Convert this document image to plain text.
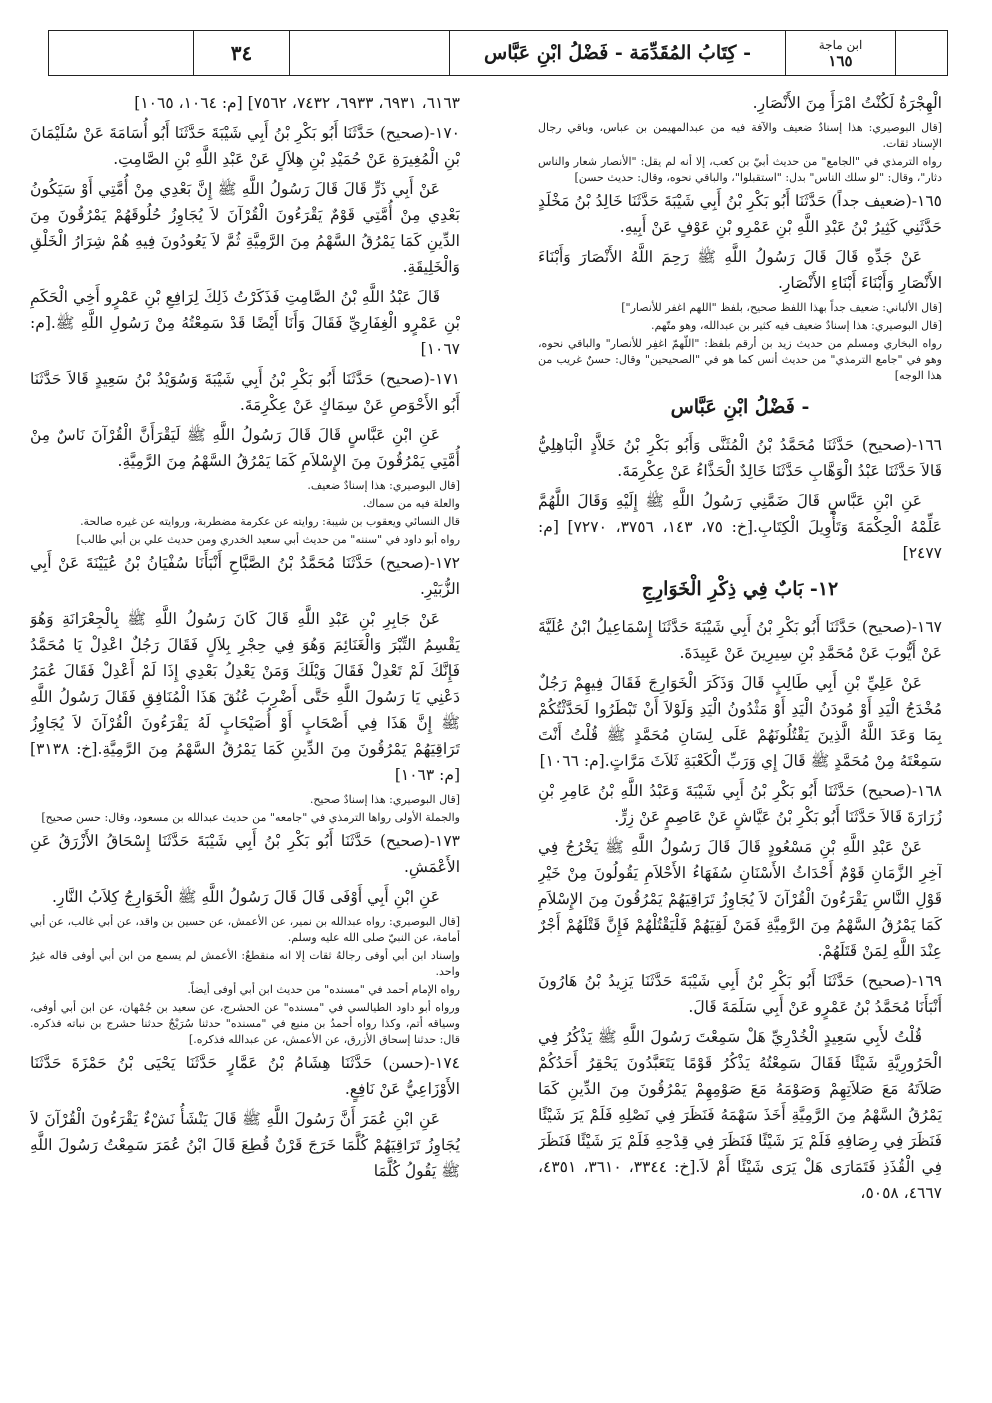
ابن ماجة
١٦٥
- كِتَابُ المُقَدِّمَة - فَضْلُ ابْنِ عَبَّاس
٣٤

الْهِجْرَةُ لَكُنْتُ امْرَأً مِنَ الأَنْصَارِ.

[قال البوصيري: هذا إسنادٌ ضعيف والآفة فيه من عبدالمهيمن بن عباس، وباقي رجال الإسناد ثقات.

رواه الترمذي في "الجامع" من حديث أبيّ بن كعب، إلا أنه لم يقل: "الأنصار شعار والناس دثار"، وقال: "لو سلك الناس" بدل: "استقبلوا"، والباقي نحوه، وقال: حديث حسن]

١٦٥-(ضعيف جداً) حَدَّثَنَا أَبُو بَكْرِ بْنُ أَبِي شَيْبَةَ حَدَّثَنَا خَالِدُ بْنُ مَخْلَدٍ حَدَّثَنِي كَثِيرُ بْنُ عَبْدِ اللَّهِ بْنِ عَمْرِو بْنِ عَوْفٍ عَنْ أَبِيهِ.

عَنْ جَدِّهِ قَالَ قَالَ رَسُولُ اللَّهِ ﷺ رَحِمَ اللَّهُ الأَنْصَارَ وَأَبْنَاءَ الأَنْصَارِ وَأَبْنَاءَ أَبْنَاءِ الأَنْصَارِ.

[قال الألباني: ضعيف جداً بهذا اللفظ صحيح، بلفظ "اللهم اغفر للأنصار"]

[قال البوصيري: هذا إسنادٌ ضعيف فيه كثير بن عبدالله، وهو متّهم.

رواه البخاري ومسلم من حديث زيد بن أرقم بلفظ: "اللّهمّ اغفِر للأنصار" والباقي نحوه، وهو في "جامع الترمذي" من حديث أنس كما هو في "الصحيحين" وقال: حسنٌ غريب من هذا الوجه]

- فَضْلُ ابْنِ عَبَّاس

١٦٦-(صحيح) حَدَّثَنَا مُحَمَّدُ بْنُ الْمُثَنَّى وَأَبُو بَكْرِ بْنُ خَلاَّدٍ الْبَاهِلِيُّ قَالاَ حَدَّثَنَا عَبْدُ الْوَهَّابِ حَدَّثَنَا خَالِدٌ الْحَذَّاءُ عَنْ عِكْرِمَةَ.

عَنِ ابْنِ عَبَّاسٍ قَالَ ضَمَّنِي رَسُولُ اللَّهِ ﷺ إِلَيْهِ وَقَالَ اللَّهُمَّ عَلِّمْهُ الْحِكْمَةَ وَتَأْوِيلَ الْكِتَابِ.[خ: ٧٥، ١٤٣، ٣٧٥٦، ٧٢٧٠] [م: ٢٤٧٧]

١٢- بَابٌ فِي ذِكْرِ الْخَوَارِجِ

١٦٧-(صحيح) حَدَّثَنَا أَبُو بَكْرِ بْنُ أَبِي شَيْبَةَ حَدَّثَنَا إِسْمَاعِيلُ ابْنُ عُلَيَّةَ عَنْ أَيُّوبَ عَنْ مُحَمَّدِ بْنِ سِيرِينَ عَنْ عَبِيدَةَ.

عَنْ عَلِيِّ بْنِ أَبِي طَالِبٍ قَالَ وَذَكَرَ الْخَوَارِجَ فَقَالَ فِيهِمْ رَجُلٌ مُخْدَجُ الْيَدِ أَوْ مُودَنُ الْيَدِ أَوْ مَثْدُونُ الْيَدِ وَلَوْلاَ أَنْ تَبْطَرُوا لَحَدَّثْتُكُمْ بِمَا وَعَدَ اللَّهُ الَّذِينَ يَقْتُلُونَهُمْ عَلَى لِسَانِ مُحَمَّدٍ ﷺ قُلْتُ أَنْتَ سَمِعْتَهُ مِنْ مُحَمَّدٍ ﷺ قَالَ إِي وَرَبِّ الْكَعْبَةِ ثَلاَثَ مَرَّاتٍ.[م: ١٠٦٦]

١٦٨-(صحيح) حَدَّثَنَا أَبُو بَكْرِ بْنُ أَبِي شَيْبَةَ وَعَبْدُ اللَّهِ بْنُ عَامِرِ بْنِ زُرَارَةَ قَالاَ حَدَّثَنَا أَبُو بَكْرِ بْنُ عَيَّاشٍ عَنْ عَاصِمٍ عَنْ زِرٍّ.

عَنْ عَبْدِ اللَّهِ بْنِ مَسْعُودٍ قَالَ قَالَ رَسُولُ اللَّهِ ﷺ يَخْرُجُ فِي آخِرِ الزَّمَانِ قَوْمٌ أَحْدَاثُ الأَسْنَانِ سُفَهَاءُ الأَحْلاَمِ يَقُولُونَ مِنْ خَيْرِ قَوْلِ النَّاسِ يَقْرَءُونَ الْقُرْآنَ لاَ يُجَاوِزُ تَرَاقِيَهُمْ يَمْرُقُونَ مِنَ الإِسْلاَمِ كَمَا يَمْرُقُ السَّهْمُ مِنَ الرَّمِيَّةِ فَمَنْ لَقِيَهُمْ فَلْيَقْتُلْهُمْ فَإِنَّ قَتْلَهُمْ أَجْرٌ عِنْدَ اللَّهِ لِمَنْ قَتَلَهُمْ.

١٦٩-(صحيح) حَدَّثَنَا أَبُو بَكْرِ بْنُ أَبِي شَيْبَةَ حَدَّثَنَا يَزِيدُ بْنُ هَارُونَ أَنْبَأَنَا مُحَمَّدُ بْنُ عَمْرٍو عَنْ أَبِي سَلَمَةَ قَالَ.

قُلْتُ لأَبِي سَعِيدٍ الْخُدْرِيِّ هَلْ سَمِعْتَ رَسُولَ اللَّهِ ﷺ يَذْكُرُ فِي الْحَرُورِيَّةِ شَيْئًا فَقَالَ سَمِعْتُهُ يَذْكُرُ قَوْمًا يَتَعَبَّدُونَ يَحْقِرُ أَحَدُكُمْ صَلاَتَهُ مَعَ صَلاَتِهِمْ وَصَوْمَهُ مَعَ صَوْمِهِمْ يَمْرُقُونَ مِنَ الدِّينِ كَمَا يَمْرُقُ السَّهْمُ مِنَ الرَّمِيَّةِ أَخَذَ سَهْمَهُ فَنَظَرَ فِي نَصْلِهِ فَلَمْ يَرَ شَيْئًا فَنَظَرَ فِي رِصَافِهِ فَلَمْ يَرَ شَيْئًا فَنَظَرَ فِي قِدْحِهِ فَلَمْ يَرَ شَيْئًا فَنَظَرَ فِي الْقُذَذِ فَتَمَارَى هَلْ يَرَى شَيْئًا أَمْ لاَ.[خ: ٣٣٤٤، ٣٦١٠، ٤٣٥١، ٤٦٦٧، ٥٠٥٨،

٦١٦٣، ٦٩٣١، ٦٩٣٣، ٧٤٣٢، ٧٥٦٢] [م: ١٠٦٤، ١٠٦٥]

١٧٠-(صحيح) حَدَّثَنَا أَبُو بَكْرِ بْنُ أَبِي شَيْبَةَ حَدَّثَنَا أَبُو أُسَامَةَ عَنْ سُلَيْمَانَ بْنِ الْمُغِيرَةِ عَنْ حُمَيْدِ بْنِ هِلاَلٍ عَنْ عَبْدِ اللَّهِ بْنِ الصَّامِتِ.

عَنْ أَبِي ذَرٍّ قَالَ قَالَ رَسُولُ اللَّهِ ﷺ إِنَّ بَعْدِي مِنْ أُمَّتِي أَوْ سَيَكُونُ بَعْدِي مِنْ أُمَّتِي قَوْمٌ يَقْرَءُونَ الْقُرْآنَ لاَ يُجَاوِزُ حُلُوقَهُمْ يَمْرُقُونَ مِنَ الدِّينِ كَمَا يَمْرُقُ السَّهْمُ مِنَ الرَّمِيَّةِ ثُمَّ لاَ يَعُودُونَ فِيهِ هُمْ شِرَارُ الْخَلْقِ وَالْخَلِيقَةِ.

قَالَ عَبْدُ اللَّهِ بْنُ الصَّامِتِ فَذَكَرْتُ ذَلِكَ لِرَافِعِ بْنِ عَمْرٍو أَخِي الْحَكَمِ بْنِ عَمْرٍو الْغِفَارِيِّ فَقَالَ وَأَنَا أَيْضًا قَدْ سَمِعْتُهُ مِنْ رَسُولِ اللَّهِ ﷺ.[م: ١٠٦٧]

١٧١-(صحيح) حَدَّثَنَا أَبُو بَكْرِ بْنُ أَبِي شَيْبَةَ وَسُوَيْدُ بْنُ سَعِيدٍ قَالاَ حَدَّثَنَا أَبُو الأَحْوَصِ عَنْ سِمَاكٍ عَنْ عِكْرِمَةَ.

عَنِ ابْنِ عَبَّاسٍ قَالَ قَالَ رَسُولُ اللَّهِ ﷺ لَيَقْرَأَنَّ الْقُرْآنَ نَاسٌ مِنْ أُمَّتِي يَمْرُقُونَ مِنَ الإِسْلاَمِ كَمَا يَمْرُقُ السَّهْمُ مِنَ الرَّمِيَّةِ.

[قال البوصيري: هذا إسنادٌ ضعيف.

والعلة فيه من سماك.

قال النسائي ويعقوب بن شيبة: روايته عن عكرمة مضطربة، وروايته عن غيره صالحة.

رواه أبو داود في "سننه" من حديث أبي سعيد الخدري ومن حديث علي بن أبي طالب]

١٧٢-(صحيح) حَدَّثَنَا مُحَمَّدُ بْنُ الصَّبَّاحِ أَنْبَأَنَا سُفْيَانُ بْنُ عُيَيْنَةَ عَنْ أَبِي الزُّبَيْرِ.

عَنْ جَابِرِ بْنِ عَبْدِ اللَّهِ قَالَ كَانَ رَسُولُ اللَّهِ ﷺ بِالْجِعْرَانَةِ وَهُوَ يَقْسِمُ التِّبْرَ وَالْغَنَائِمَ وَهُوَ فِي حِجْرِ بِلاَلٍ فَقَالَ رَجُلٌ اعْدِلْ يَا مُحَمَّدُ فَإِنَّكَ لَمْ تَعْدِلْ فَقَالَ وَيْلَكَ وَمَنْ يَعْدِلُ بَعْدِي إِذَا لَمْ أَعْدِلْ فَقَالَ عُمَرُ دَعْنِي يَا رَسُولَ اللَّهِ حَتَّى أَضْرِبَ عُنُقَ هَذَا الْمُنَافِقِ فَقَالَ رَسُولُ اللَّهِ ﷺ إِنَّ هَذَا فِي أَصْحَابٍ أَوْ أُصَيْحَابٍ لَهُ يَقْرَءُونَ الْقُرْآنَ لاَ يُجَاوِزُ تَرَاقِيَهُمْ يَمْرُقُونَ مِنَ الدِّينِ كَمَا يَمْرُقُ السَّهْمُ مِنَ الرَّمِيَّةِ.[خ: ٣١٣٨] [م: ١٠٦٣]

[قال البوصيري: هذا إسنادٌ صحيح.

والجملة الأولى رواها الترمذي في "جامعه" من حديث عبدالله بن مسعود، وقال: حسن صحيح]

١٧٣-(صحيح) حَدَّثَنَا أَبُو بَكْرِ بْنُ أَبِي شَيْبَةَ حَدَّثَنَا إِسْحَاقُ الأَزْرَقُ عَنِ الأَعْمَشِ.

عَنِ ابْنِ أَبِي أَوْفَى قَالَ قَالَ رَسُولُ اللَّهِ ﷺ الْخَوَارِجُ كِلاَبُ النَّارِ.

[قال البوصيري: رواه عبدالله بن نمير، عن الأعمش، عن حسين بن واقد، عن أبي غالب، عن أبي أمامة، عن النبيّ صلى الله عليه وسلم.

وإسناد ابن أبي أوفى رجالهُ ثقات إلا انه منقطعٌ: الأعمش لم يسمع من ابن أبي أوفى قاله غيرُ واحد.

رواه الإمام أحمد في "مسنده" من حديث ابن أبي أوفى أيضاً.

ورواه أبو داود الطيالسي في "مسنده" عن الحشرج، عن سعيد بن جُمْهان، عن ابن أبي أوفى، وسياقه أتم، وكذا رواه أحمدُ بن منيع في "مسنده" حدثنا سُرَيْجٌ حدثنا حشرج بن نباته فذكره. قال: حدثنا إسحاق الأزرق، عن الأعمش، عن عبدالله فذكره.]

١٧٤-(حسن) حَدَّثَنَا هِشَامُ بْنُ عَمَّارٍ حَدَّثَنَا يَحْيَى بْنُ حَمْزَةَ حَدَّثَنَا الأَوْزَاعِيُّ عَنْ نَافِعٍ.

عَنِ ابْنِ عُمَرَ أَنَّ رَسُولَ اللَّهِ ﷺ قَالَ يَنْشَأُ نَشْءٌ يَقْرَءُونَ الْقُرْآنَ لاَ يُجَاوِزُ تَرَاقِيَهُمْ كُلَّمَا خَرَجَ قَرْنٌ قُطِعَ قَالَ ابْنُ عُمَرَ سَمِعْتُ رَسُولَ اللَّهِ ﷺ يَقُولُ كُلَّمَا
